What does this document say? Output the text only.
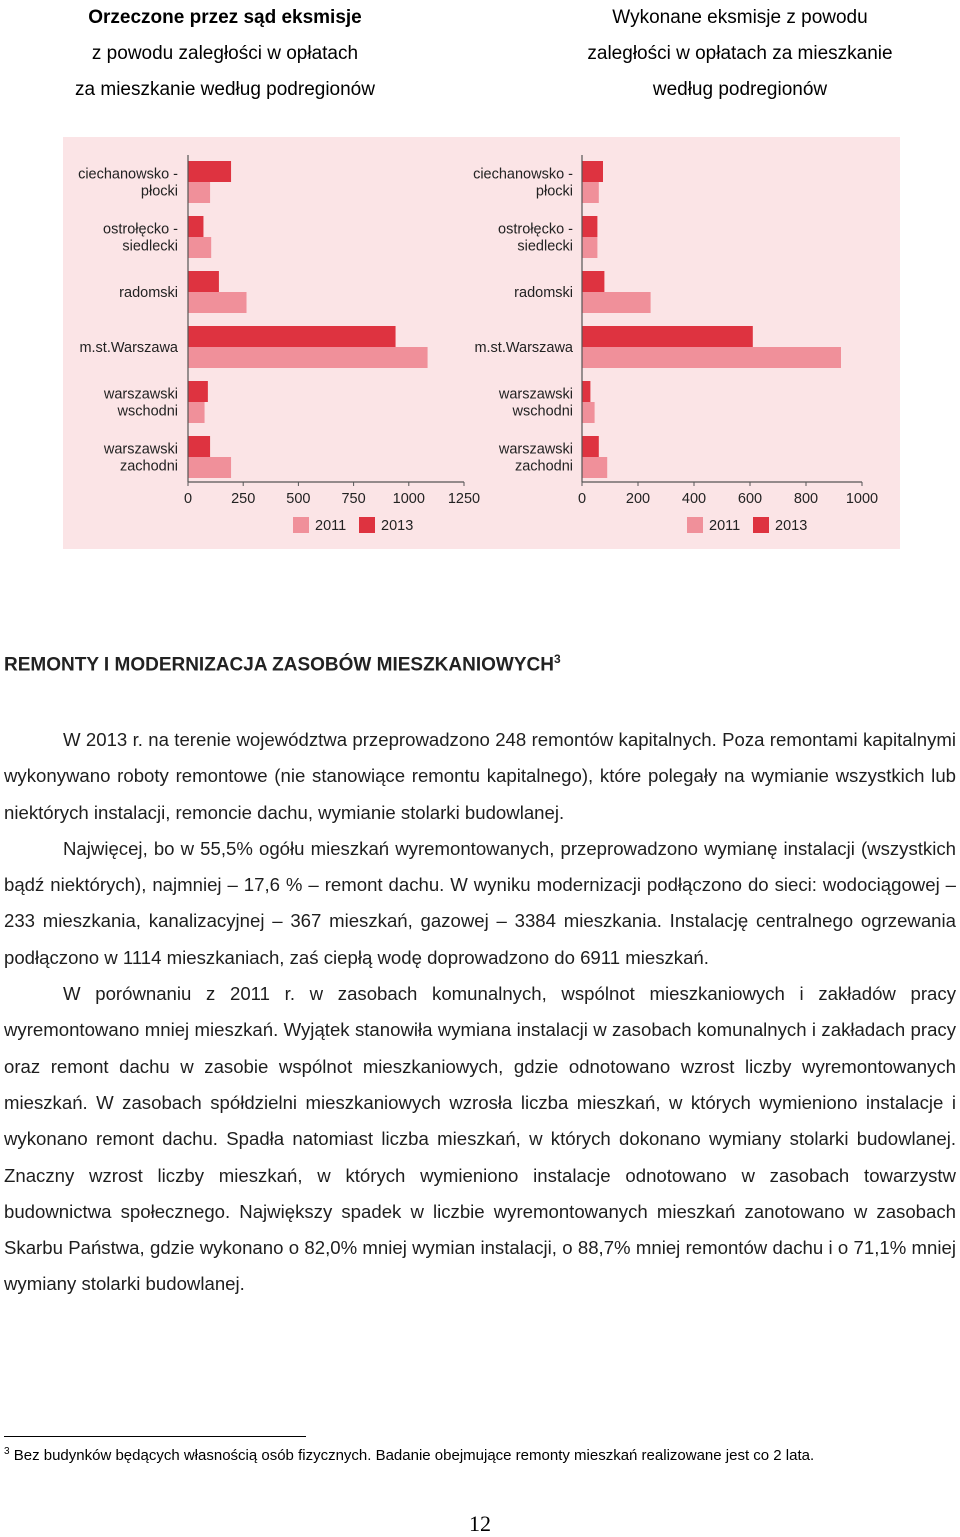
Orzeczone przez sąd eksmisje
z powodu zaległości w opłatach
za mieszkanie według podregionów
Wykonane eksmisje z powodu
zaległości w opłatach za mieszkanie
według podregionów
ciechanowsko -
płocki
ostrołęcko -
siedlecki
radomski
m.st.Warszawa
warszawski
wschodni
warszawski
zachodni
0	250 500 750 1000 1250
2011 2013
ciechanowsko -
płocki
ostrołęcko -
siedlecki
radomski
m.st.Warszawa
warszawski
wschodni
warszawski
zachodni
0	200 400 600 800 1000
2011 2013
REMONTY I MODERNIZACJA ZASOBÓW MIESZKANIOWYCH$^3$

W 2013 r. na terenie województwa przeprowadzono 248 remontów kapitalnych. Poza remontami kapitalnymi wykonywano roboty remontowe (nie stanowiące remontu kapitalnego), które polegały na wymianie wszystkich lub niektórych instalacji, remoncie dachu, wymianie stolarki budowlanej.

Najwięcej, bo w 55,5% ogółu mieszkań wyremontowanych, przeprowadzono wymianę instalacji (wszystkich bądź niektórych), najmniej – 17,6 % – remont dachu. W wyniku modernizacji podłączono do sieci: wodociągowej – 233 mieszkania, kanalizacyjnej – 367 mieszkań, gazowej – 3384 mieszkania. Instalację centralnego ogrzewania podłączono w 1114 mieszkaniach, zaś ciepłą wodę doprowadzono do 6911 mieszkań.

W porównaniu z 2011 r. w zasobach komunalnych, wspólnot mieszkaniowych i zakładów pracy wyremontowano mniej mieszkań. Wyjątek stanowiła wymiana instalacji w zasobach komunalnych i zakładach pracy oraz remont dachu w zasobie wspólnot mieszkaniowych, gdzie odnotowano wzrost liczby wyremontowanych mieszkań. W zasobach spółdzielni mieszkaniowych wzrosła liczba mieszkań, w których wymieniono instalacje i wykonano remont dachu. Spadła natomiast liczba mieszkań, w których dokonano wymiany stolarki budowlanej. Znaczny wzrost liczby mieszkań, w których wymieniono instalacje odnotowano w zasobach towarzystw budownictwa społecznego. Największy spadek w liczbie wyremontowanych mieszkań zanotowano w zasobach Skarbu Państwa, gdzie wykonano o 82,0% mniej wymian instalacji, o 88,7% mniej remontów dachu i o 71,1% mniej wymiany stolarki budowlanej.

$^3$ Bez budynków będących własnością osób fizycznych. Badanie obejmujące remonty mieszkań realizowane jest co 2 lata.
12
